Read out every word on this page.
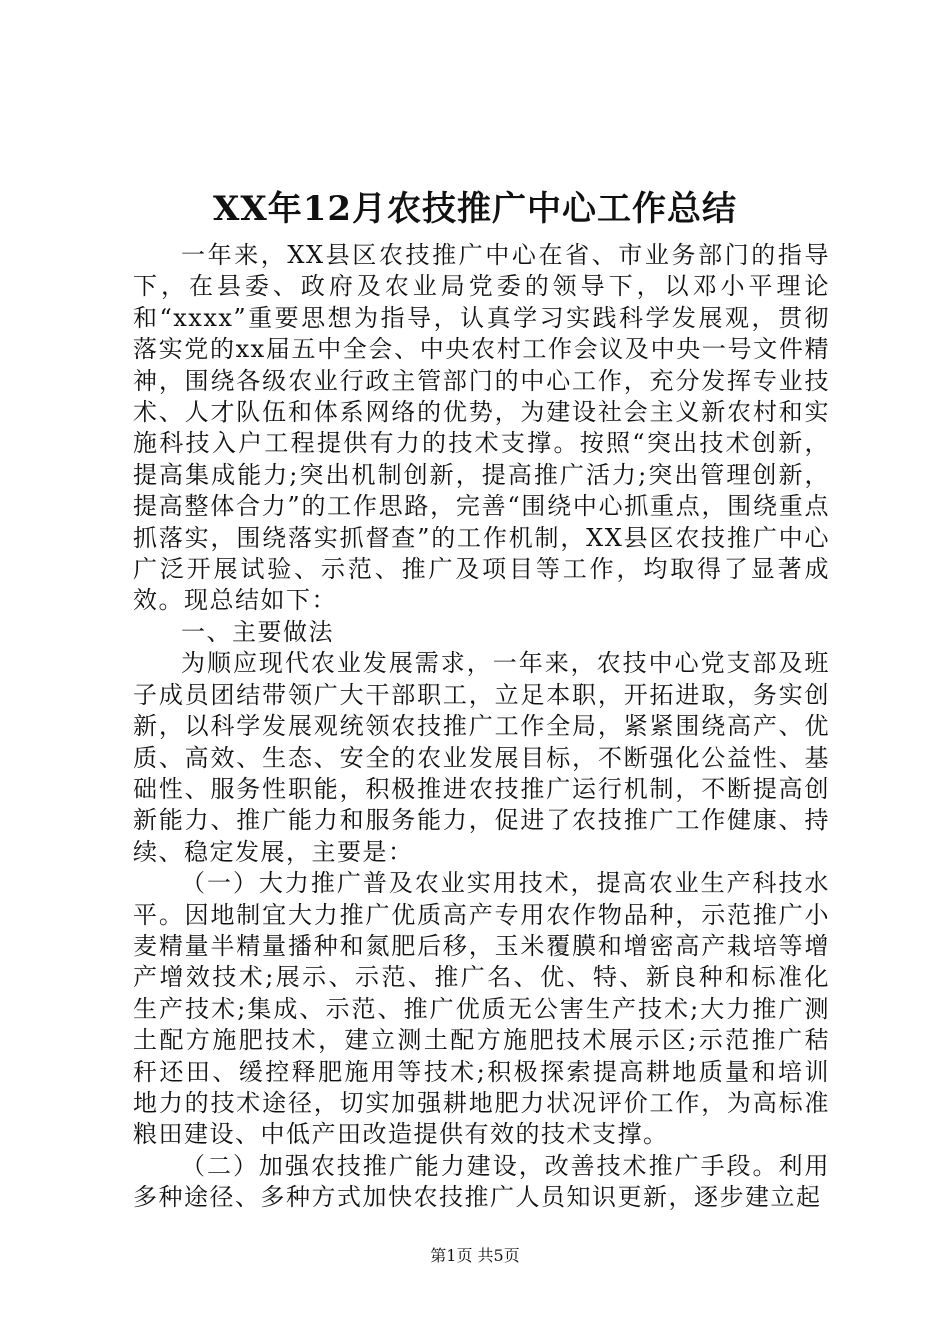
XX年12月农技推广中心工作总结

一年来，XX县区农技推广中心在省、市业务部门的指导下，在县委、政府及农业局党委的领导下，以邓小平理论和“xxxx”重要思想为指导，认真学习实践科学发展观，贯彻落实党的xx届五中全会、中央农村工作会议及中央一号文件精神，围绕各级农业行政主管部门的中心工作，充分发挥专业技术、人才队伍和体系网络的优势，为建设社会主义新农村和实施科技入户工程提供有力的技术支撑。按照“突出技术创新，提高集成能力;突出机制创新，提高推广活力;突出管理创新，提高整体合力”的工作思路，完善“围绕中心抓重点，围绕重点抓落实，围绕落实抓督查”的工作机制，XX县区农技推广中心广泛开展试验、示范、推广及项目等工作，均取得了显著成效。现总结如下：

一、主要做法

为顺应现代农业发展需求，一年来，农技中心党支部及班子成员团结带领广大干部职工，立足本职，开拓进取，务实创新，以科学发展观统领农技推广工作全局，紧紧围绕高产、优质、高效、生态、安全的农业发展目标，不断强化公益性、基础性、服务性职能，积极推进农技推广运行机制，不断提高创新能力、推广能力和服务能力，促进了农技推广工作健康、持续、稳定发展，主要是：

（一）大力推广普及农业实用技术，提高农业生产科技水平。因地制宜大力推广优质高产专用农作物品种，示范推广小麦精量半精量播种和氮肥后移，玉米覆膜和增密高产栽培等增产增效技术;展示、示范、推广名、优、特、新良种和标准化生产技术;集成、示范、推广优质无公害生产技术;大力推广测土配方施肥技术，建立测土配方施肥技术展示区;示范推广秸秆还田、缓控释肥施用等技术;积极探索提高耕地质量和培训地力的技术途径，切实加强耕地肥力状况评价工作，为高标准粮田建设、中低产田改造提供有效的技术支撑。

（二）加强农技推广能力建设，改善技术推广手段。利用多种途径、多种方式加快农技推广人员知识更新，逐步建立起

第1页 共5页
